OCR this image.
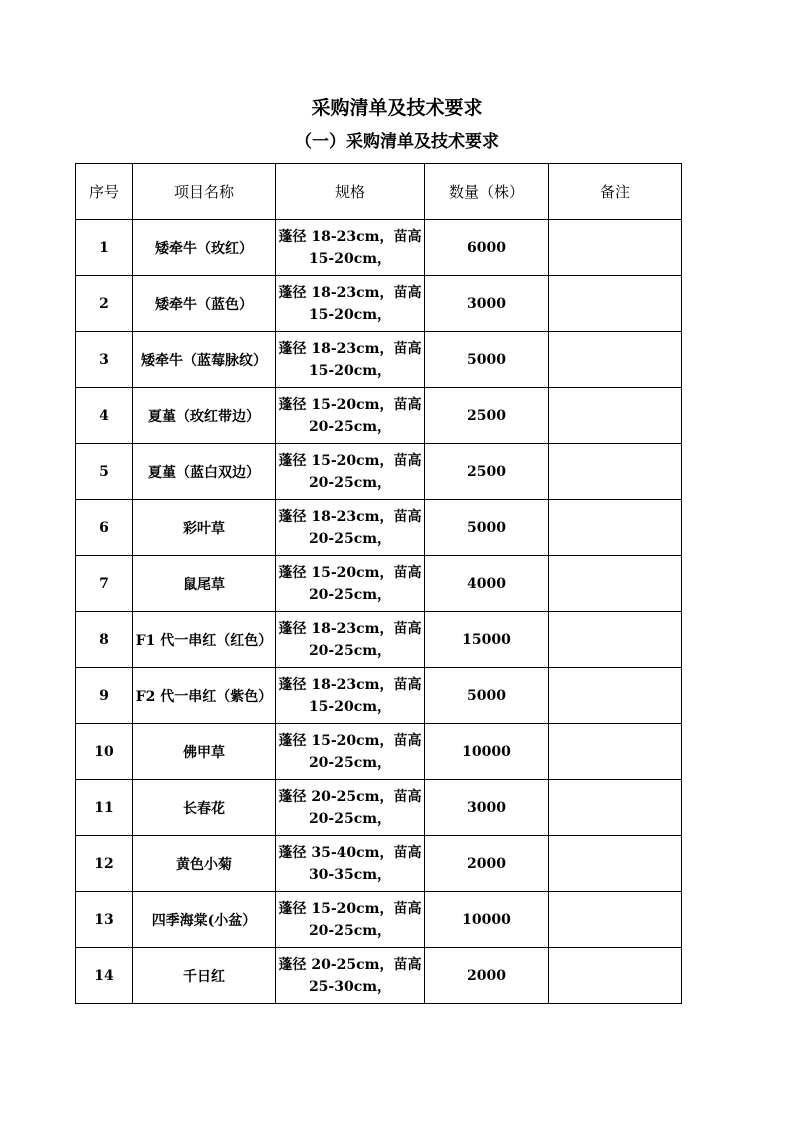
采购清单及技术要求
（一）采购清单及技术要求
序号	项目名称	规格	数量（株）	备注
1	矮牵牛（玫红）	蓬径 18-23cm，苗高
15-20cm，	6000	
2	矮牵牛（蓝色）	蓬径 18-23cm，苗高
15-20cm，	3000	
3	矮牵牛（蓝莓脉纹）	蓬径 18-23cm，苗高
15-20cm，	5000	
4	夏堇（玫红带边）	蓬径 15-20cm，苗高
20-25cm，	2500	
5	夏堇（蓝白双边）	蓬径 15-20cm，苗高
20-25cm，	2500	
6	彩叶草	蓬径 18-23cm，苗高
20-25cm，	5000	
7	鼠尾草	蓬径 15-20cm，苗高
20-25cm，	4000	
8	F1 代一串红（红色）	蓬径 18-23cm，苗高
20-25cm，	15000	
9	F2 代一串红（紫色）	蓬径 18-23cm，苗高
15-20cm，	5000	
10	佛甲草	蓬径 15-20cm，苗高
20-25cm，	10000	
11	长春花	蓬径 20-25cm，苗高
20-25cm，	3000	
12	黄色小菊	蓬径 35-40cm，苗高
30-35cm，	2000	
13	四季海棠(小盆）	蓬径 15-20cm，苗高
20-25cm，	10000	
14	千日红	蓬径 20-25cm，苗高
25-30cm，	2000	
